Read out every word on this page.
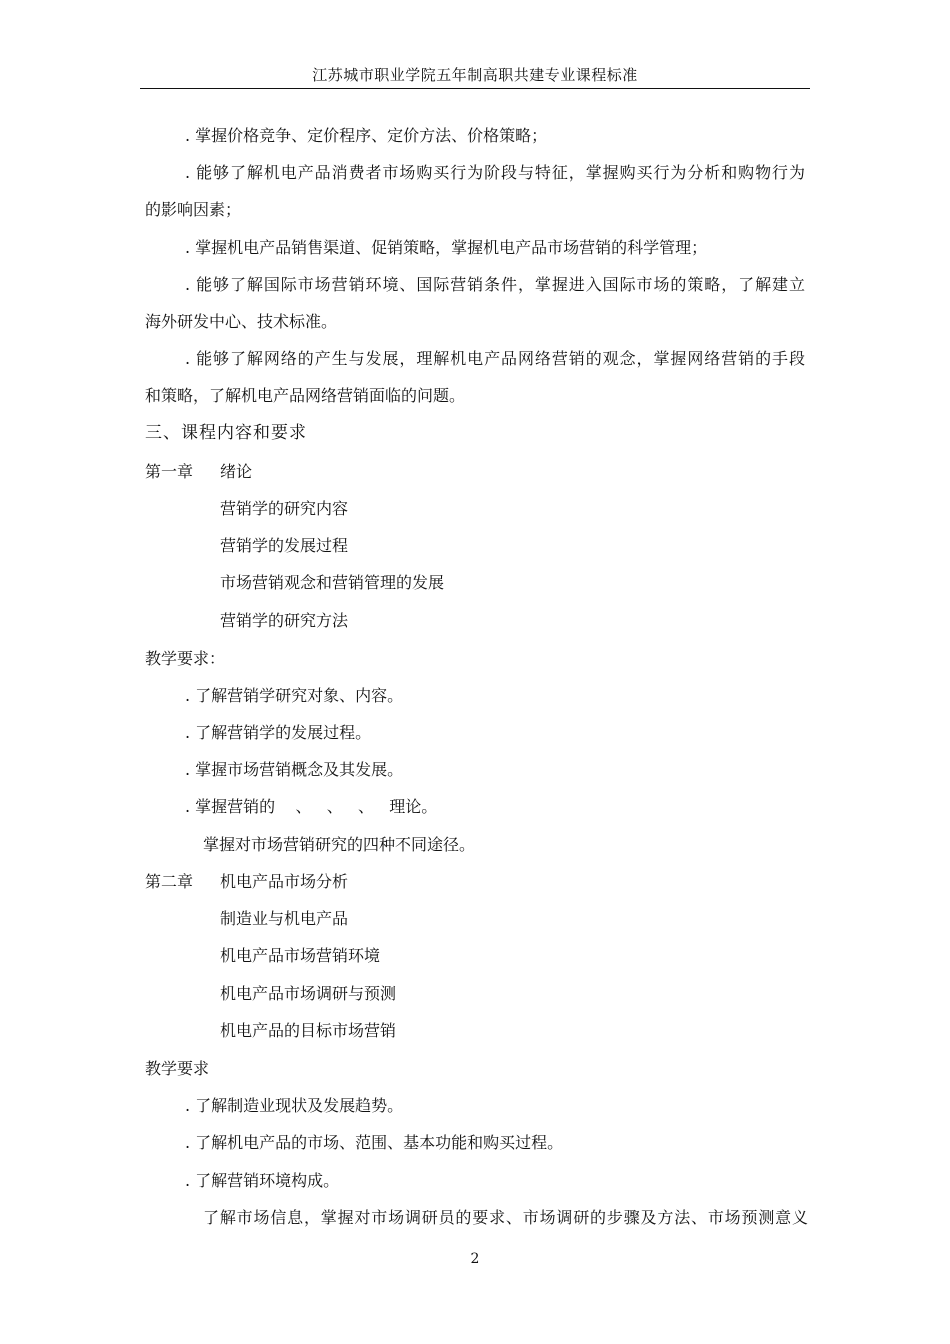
江苏城市职业学院五年制高职共建专业课程标准
. 掌握价格竞争、定价程序、定价方法、价格策略；
. 能够了解机电产品消费者市场购买行为阶段与特征，掌握购买行为分析和购物行为
的影响因素；
. 掌握机电产品销售渠道、促销策略，掌握机电产品市场营销的科学管理；
. 能够了解国际市场营销环境、国际营销条件，掌握进入国际市场的策略，了解建立
海外研发中心、技术标准。
. 能够了解网络的产生与发展，理解机电产品网络营销的观念，掌握网络营销的手段
和策略，了解机电产品网络营销面临的问题。
三、课程内容和要求
第一章 绪论
营销学的研究内容
营销学的发展过程
市场营销观念和营销管理的发展
营销学的研究方法
教学要求：
. 了解营销学研究对象、内容。
. 了解营销学的发展过程。
. 掌握市场营销概念及其发展。
. 掌握营销的    、   、   、   理论。
掌握对市场营销研究的四种不同途径。
第二章 机电产品市场分析
制造业与机电产品
机电产品市场营销环境
机电产品市场调研与预测
机电产品的目标市场营销
教学要求
. 了解制造业现状及发展趋势。
. 了解机电产品的市场、范围、基本功能和购买过程。
. 了解营销环境构成。
了解市场信息，掌握对市场调研员的要求、市场调研的步骤及方法、市场预测意义
2
